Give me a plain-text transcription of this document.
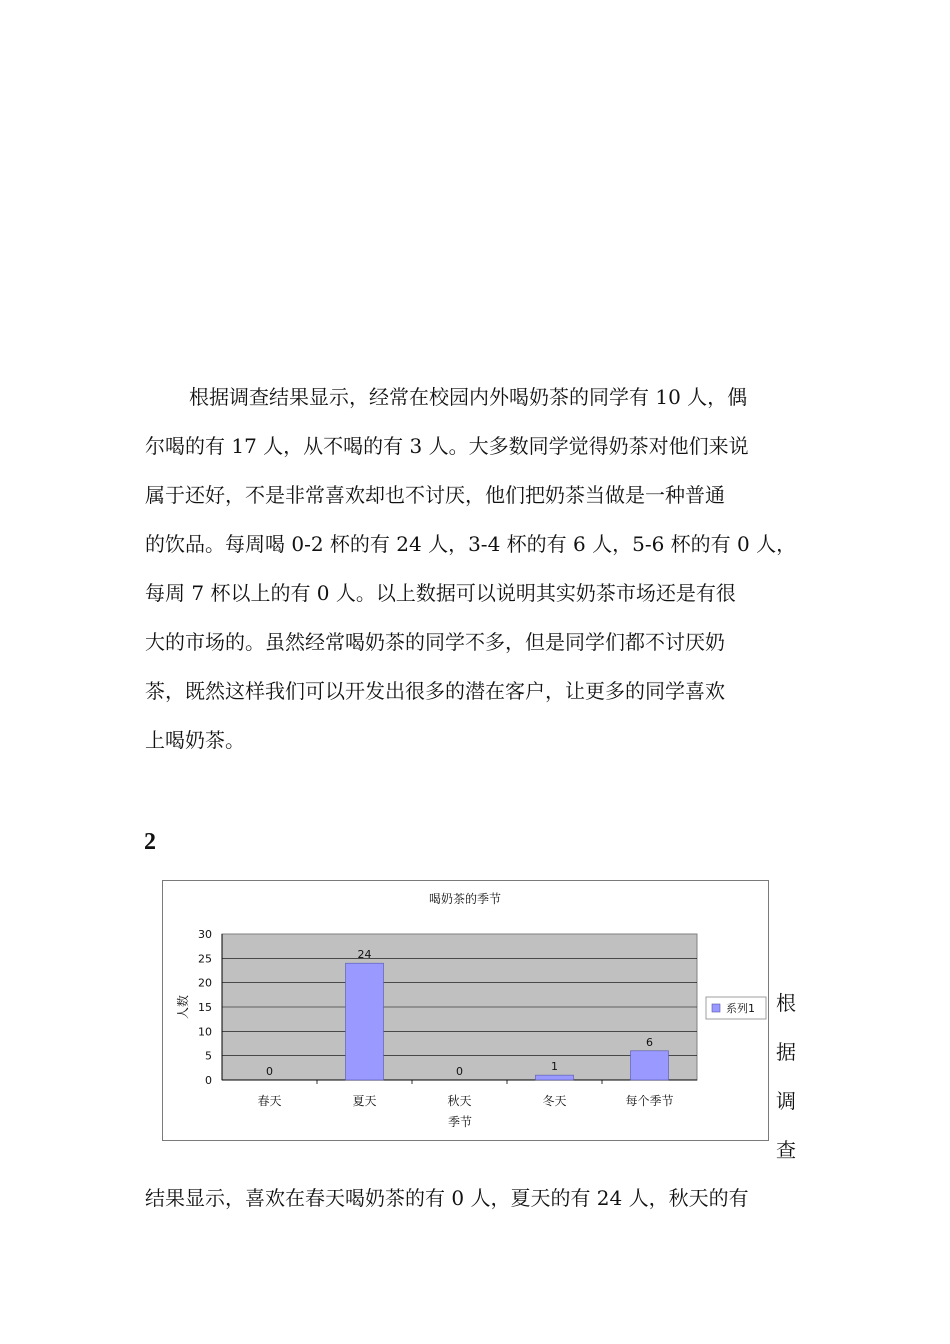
根据调查结果显示，经常在校园内外喝奶茶的同学有 10 人，偶
尔喝的有 17 人，从不喝的有 3 人。大多数同学觉得奶茶对他们来说
属于还好，不是非常喜欢却也不讨厌，他们把奶茶当做是一种普通
的饮品。每周喝 0-2 杯的有 24 人，3-4 杯的有 6 人，5-6 杯的有 0 人，
每周 7 杯以上的有 0 人。以上数据可以说明其实奶茶市场还是有很
大的市场的。虽然经常喝奶茶的同学不多，但是同学们都不讨厌奶
茶，既然这样我们可以开发出很多的潜在客户，让更多的同学喜欢
上喝奶茶。
2
喝奶茶的季节
0
5
10
15
20
25
30
0
春天
24
夏天
0
秋天
1
冬天
6
每个季节
季节
人数	系列1 根
据
调
查
结果显示，喜欢在春天喝奶茶的有 0 人，夏天的有 24 人，秋天的有
